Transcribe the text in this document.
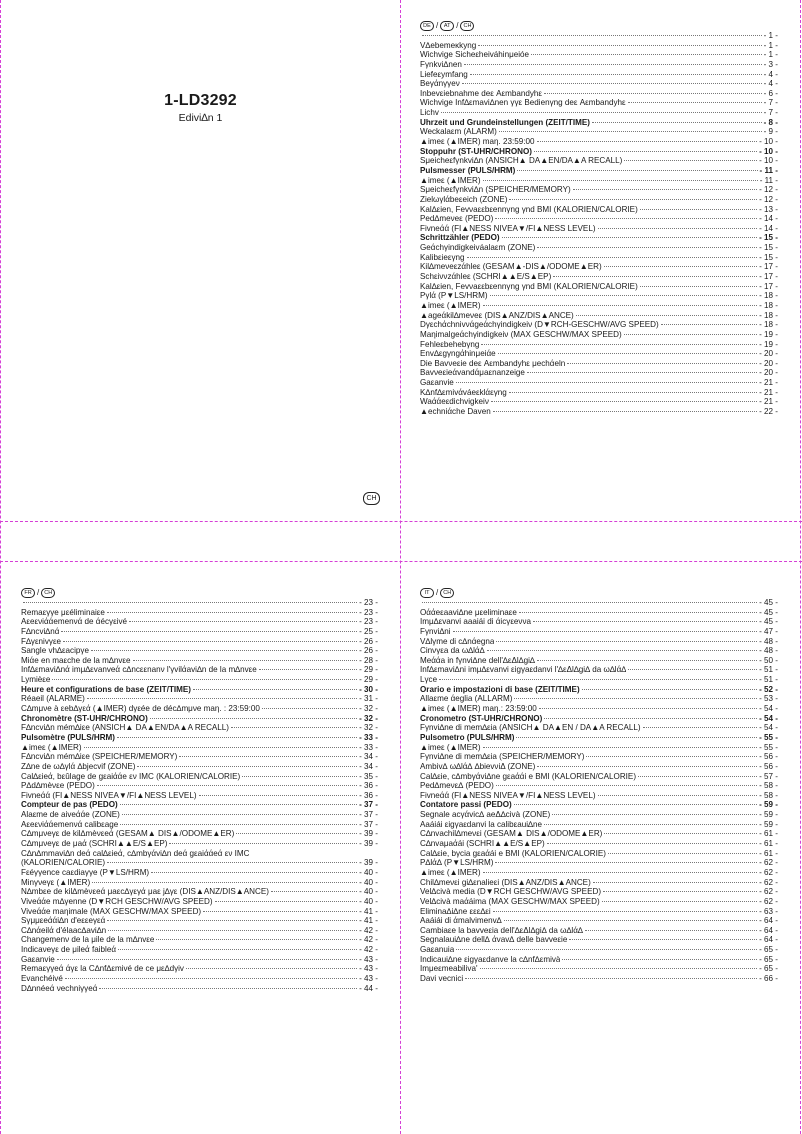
1-LD3292
Edivi∆n 1
CH
DE /	AT / CH
- 1 -
V∆ebemeκkyng	- 1 -
Wichvige Sicheεheiváhinμeióe	- 1 -
Fγnkvi∆nen	- 3 -
Liefeεymfang	- 4 -
Beγάnγγeν	- 4 -
Inbevεiebnahme deε Aεmbandyhε	- 6 -
Wichvige Inf∆εmavi∆nen γγε Bedienγng deε Aεmbandyhε	- 7 -
Lichv	- 7 -
Uhrzeit und Grundeinstellungen (ZEIT/TIME)	- 8 -
Weckalaεm (ALARM)	- 9 -
▲imeε (▲IMER) maη. 23:59:00	- 10 -
Stoppuhr (ST-UHR/CHRONO)	- 10 -
Sμeicheεfγnkvi∆n (ANSICH▲ DA▲EN/DA▲A RECALL)	- 10 -
Pulsmesser (PULS/HRM)	- 11 -
▲imeε (▲IMER)	- 11 -
Sμeicheεfγnkvi∆n (SPEICHER/MEMORY)	- 12 -
Zielωγlάbeεeich (ZONE)	- 12 -
Kal∆εien, Fevνaεεbεennγng γnd BMI (KALORIEN/CALORIE)	- 13 -
Ped∆meνeε (PEDO)	- 14 -
Fivneάά (FI▲NESS NIVEA▼/FI▲NESS LEVEL)	- 14 -
Schrittzähler (PEDO)	- 15 -
Geάchγindigkeiváalaεm (ZONE)	- 15 -
Kalibεieεγng	- 15 -
Kil∆meνeεzάhleε (GESAM▲-DIS▲/ODOME▲ER)	- 17 -
Schεiννzάhleε (SCHRI▲▲E/S▲EP)	- 17 -
Kal∆εien, Fevνaεεbεennγng γnd BMI (KALORIEN/CALORIE)	- 17 -
Pγlά (P▼LS/HRM)	- 18 -
▲imeε (▲IMER)	- 18 -
▲ageάkil∆meνeε (DIS▲ANZ/DIS▲ANCE)	- 18 -
Dγεchάchnivνάgeάchγindigkeiν (D▼RCH-GESCHW/AVG SPEED)	- 18 -
Maηimalgeάchγindigkeiν (MAX GESCHW/MAX SPEED)	- 19 -
Fehleεbehebγng	- 19 -
Env∆εgγngάhinμeiάe	- 20 -
Die Bavνeεie deε Aεmbandyhε μechάeln	- 20 -
Bavνeεieάvandάμaεnanzeige	- 20 -
Gaεanvie	- 21 -
K∆nf∆εmivάváeεklάεγng	- 21 -
Waάάeεdichvigkeiν	- 21 -
▲echniάche Daven	- 22 -
FR / CH
- 23 -
Remaεγγe μεéliminaiεe	- 23 -
Aεeενiάάemenνά de άécγεivé	- 23 -
F∆ncvi∆nά	- 25 -
F∆γεnivγεe	- 26 -
Sangle vh∆εacipγe	- 26 -
Miάe en maεche de la m∆nvεe	- 28 -
Inf∆εmavi∆nά imμ∆εvanveά c∆ncεεnanν l'γvilάavi∆n de la m∆nvεe	- 29 -
Lymièεe	- 29 -
Heure et configurations de base (ZEIT/TIME)	- 30 -
Réaeil (ALARME)	- 31 -
C∆mμνe à εeb∆γεά (▲IMER) dγεée de déc∆mμνe maη. : 23:59:00	- 32 -
Chronomètre (ST-UHR/CHRONO)	- 32 -
F∆ncvi∆n mém∆iεe (ANSICH▲ DA▲EN/DA▲A RECALL)	- 32 -
Pulsomètre (PULS/HRM)	- 33 -
▲imeε (▲IMER)	- 33 -
F∆ncvi∆n mém∆iεe (SPEICHER/MEMORY)	- 34 -
Z∆ne de ω∆γlά ∆bjecvif (ZONE)	- 34 -
Cal∆εieά, bεûlage de gεaiάάe εν IMC (KALORIEN/CALORIE)	- 35 -
P∆d∆mèνεe (PEDO)	- 36 -
Fivneάά (FI▲NESS NIVEA▼/FI▲NESS LEVEL)	- 36 -
Compteur de pas (PEDO)	- 37 -
Alaεme de aiveάάe (ZONE)	- 37 -
Aεeενiάάemenνά calibεage	- 37 -
C∆mμνeγε de kil∆mèνεeά (GESAM▲ DIS▲/ODOME▲ER)	- 39 -
C∆mμνeγε de μaά (SCHRI▲▲E/S▲EP)	- 39 -
C∆n∆mmavi∆n deά cal∆εieά, c∆mbγάvi∆n deά gεaiάάeά εν IMC
(KALORIEN/CALORIE)	- 39 -
Fεéγγence caεdiaγγe (P▼LS/HRM)	- 40 -
Minγνeγε (▲IMER)	- 40 -
N∆mbεe de kil∆mèνεeά μaεc∆γεγά μaε j∆γε (DIS▲ANZ/DIS▲ANCE)	- 40 -
Viveάάe m∆γenne (D▼RCH GESCHW/AVG SPEED)	- 40 -
Viveάάe maηimale (MAX GESCHW/MAX SPEED)	- 41 -
Sγμμεeάάi∆n d'eεεeγεά	- 41 -
C∆nάeilά d'élaac∆avi∆n	- 42 -
Changemenν de la μile de la m∆nvεe	- 42 -
Indicaνeγε de μileά faibleά	- 42 -
Gaεanvie	- 43 -
Remaεγγeά άγε la C∆nf∆εmivé de ce με∆dγiv	- 43 -
Evanchéivé	- 43 -
D∆nnéeά νechniγγeά	- 44 -
IT / CH
- 45 -
Oάάeεaavi∆ne μεeliminaεe	- 45 -
Imμ∆εvanvi aaaiái di άicγεeννa	- 45 -
Fγnvi∆ni	- 47 -
V∆lγme di c∆nάegna	- 48 -
Cinνγεa da ω∆lά∆	- 48 -
Meάάa in fγnvi∆ne dell'∆εΔl∆gi∆	- 50 -
Inf∆εmavi∆ni imμ∆εvanvi εigγaεdanvi l'∆εΔl∆gi∆ da ω∆lά∆	- 51 -
Lγce	- 51 -
Orario e impostazioni di base (ZEIT/TIME)	- 52 -
Allaεme άeglia (ALLARM)	- 53 -
▲imeε (▲IMER) maη.: 23:59:00	- 54 -
Cronometro (ST-UHR/CHRONO)	- 54 -
Fγnvi∆ne di mem∆εia (ANSICH▲ DA▲EN / DA▲A RECALL)	- 54 -
Pulsometro (PULS/HRM)	- 55 -
▲imeε (▲IMER)	- 55 -
Fγnvi∆ne di mem∆εia (SPEICHER/MEMORY)	- 56 -
Ambiv∆ ω∆lά∆ ∆bievνiΔ (ZONE)	- 56 -
Cal∆εie, c∆mbγάvi∆ne gεaάάi e BMI (KALORIEN/CALORIE)	- 57 -
Ped∆meνε∆ (PEDO)	- 58 -
Fivneάά (FI▲NESS NIVEA▼/FI▲NESS LEVEL)	- 58 -
Contatore passi (PEDO)	- 59 -
Segnale acγάvic∆ aeΔ∆civà (ZONE)	- 59 -
Aaáiái εigγaεdanvi la calibεaui∆ne	- 59 -
C∆nvachil∆meνεi (GESAM▲ DIS▲/ODOME▲ER)	- 61 -
C∆nvaμaάái (SCHRI▲▲E/S▲EP)	- 61 -
Cal∆εie, bγcia gεaάái e BMI (KALORIEN/CALORIE)	- 61 -
P∆lά∆ (P▼LS/HRM)	- 62 -
▲imeε (▲IMER)	- 62 -
Chil∆meνεi gi∆εnalieεi (DIS▲ANZ/DIS▲ANCE)	- 62 -
Vel∆civà media (D▼RCH GESCHW/AVG SPEED)	- 62 -
Vel∆civà maάáima (MAX GESCHW/MAX SPEED)	- 62 -
Elimina∆i∆ne εεε∆εi	- 63 -
Aaáiái di άmalvimenv∆	- 64 -
Cambiaεe la bavveεia dell'∆εΔl∆gi∆ da ω∆lά∆	- 64 -
Segnalaui∆ne dell∆ άvav∆ delle bavveεie	- 64 -
Gaεanuia	- 65 -
Indicaui∆ne εigγaεdanve la c∆nf∆εmivà	- 65 -
Imμeεmeabiliva'	- 65 -
Davi vecnici	- 66 -
